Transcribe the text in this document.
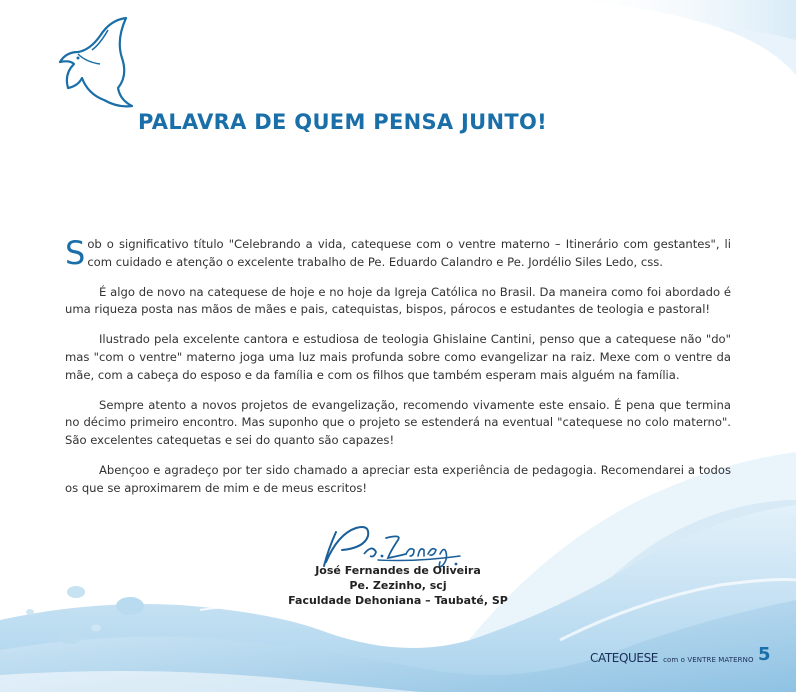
PALAVRA DE QUEM PENSA JUNTO!

Sob o significativo título "Celebrando a vida, catequese com o ventre materno – Itinerário com gestantes", li com cuidado e atenção o excelente trabalho de Pe. Eduardo Calandro e Pe. Jordélio Siles Ledo, css.

É algo de novo na catequese de hoje e no hoje da Igreja Católica no Brasil. Da maneira como foi abordado é uma riqueza posta nas mãos de mães e pais, catequistas, bispos, párocos e estudantes de teologia e pastoral!

Ilustrado pela excelente cantora e estudiosa de teologia Ghislaine Cantini, penso que a catequese não "do" mas "com o ventre" materno joga uma luz mais profunda sobre como evangelizar na raiz. Mexe com o ventre da mãe, com a cabeça do esposo e da família e com os filhos que também esperam mais alguém na família.

Sempre atento a novos projetos de evangelização, recomendo vivamente este ensaio. É pena que termina no décimo primeiro encontro. Mas suponho que o projeto se estenderá na eventual "catequese no colo materno". São excelentes catequetas e sei do quanto são capazes!

Abençoo e agradeço por ter sido chamado a apreciar esta experiência de pedagogia. Recomendarei a todos os que se aproximarem de mim e de meus escritos!

José Fernandes de Oliveira
Pe. Zezinho, scj
Faculdade Dehoniana – Taubaté, SP
CATEQUESE com o VENTRE MATERNO 5
